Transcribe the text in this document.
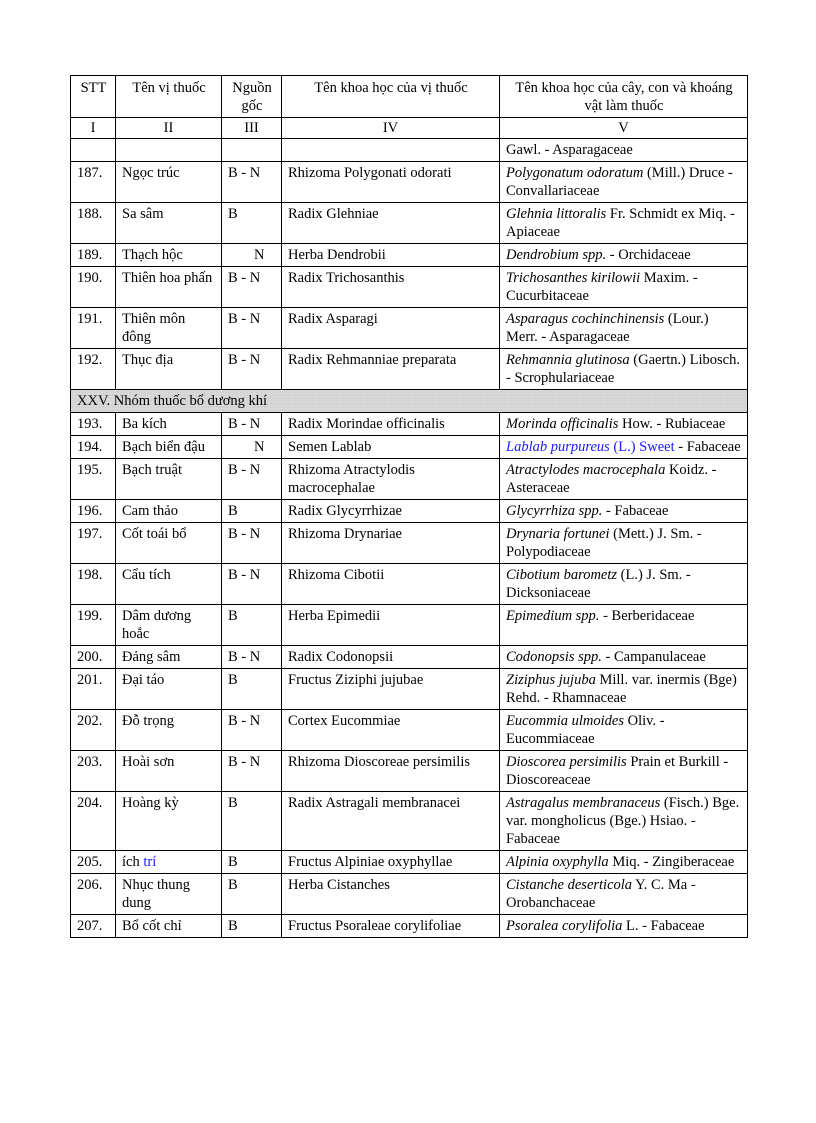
STT	Tên vị thuốc	Nguồn gốc	Tên khoa học của vị thuốc	Tên khoa học của cây, con và khoáng vật làm thuốc
I	II	III	IV	V
				Gawl. - Asparagaceae
187.	Ngọc trúc	B - N	Rhizoma Polygonati odorati	Polygonatum odoratum (Mill.) Druce - Convallariaceae
188.	Sa sâm	B	Radix Glehniae	Glehnia littoralis Fr. Schmidt ex Miq. - Apiaceae
189.	Thạch hộc	N	Herba Dendrobii	Dendrobium spp. - Orchidaceae
190.	Thiên hoa phấn	B - N	Radix Trichosanthis	Trichosanthes kirilowii Maxim. - Cucurbitaceae
191.	Thiên môn đông	B - N	Radix Asparagi	Asparagus cochinchinensis (Lour.) Merr. - Asparagaceae
192.	Thục địa	B - N	Radix Rehmanniae preparata	Rehmannia glutinosa (Gaertn.) Libosch. - Scrophulariaceae
XXV. Nhóm thuốc bổ dương khí				
193.	Ba kích	B - N	Radix Morindae officinalis	Morinda officinalis How. - Rubiaceae
194.	Bạch biển đậu	N	Semen Lablab	Lablab purpureus (L.) Sweet - Fabaceae
195.	Bạch truật	B - N	Rhizoma Atractylodis macrocephalae	Atractylodes macrocephala Koidz. - Asteraceae
196.	Cam thảo	B	Radix Glycyrrhizae	Glycyrrhiza spp. - Fabaceae
197.	Cốt toái bổ	B - N	Rhizoma Drynariae	Drynaria fortunei (Mett.) J. Sm. - Polypodiaceae
198.	Cẩu tích	B - N	Rhizoma Cibotii	Cibotium barometz (L.) J. Sm. - Dicksoniaceae
199.	Dâm dương hoắc	B	Herba Epimedii	Epimedium spp. - Berberidaceae
200.	Đảng sâm	B - N	Radix Codonopsii	Codonopsis spp. - Campanulaceae
201.	Đại táo	B	Fructus Ziziphi jujubae	Ziziphus jujuba Mill. var. inermis (Bge) Rehd. - Rhamnaceae
202.	Đỗ trọng	B - N	Cortex Eucommiae	Eucommia ulmoides Oliv. - Eucommiaceae
203.	Hoài sơn	B - N	Rhizoma Dioscoreae persimilis	Dioscorea persimilis Prain et Burkill - Dioscoreaceae
204.	Hoàng kỳ	B	Radix Astragali membranacei	Astragalus membranaceus (Fisch.) Bge. var. mongholicus (Bge.) Hsiao. - Fabaceae
205.	ích trí	B	Fructus Alpiniae oxyphyllae	Alpinia oxyphylla Miq. - Zingiberaceae
206.	Nhục thung dung	B	Herba Cistanches	Cistanche deserticola Y. C. Ma - Orobanchaceae
207.	Bổ cốt chỉ	B	Fructus Psoraleae corylifoliae	Psoralea corylifolia L. - Fabaceae
